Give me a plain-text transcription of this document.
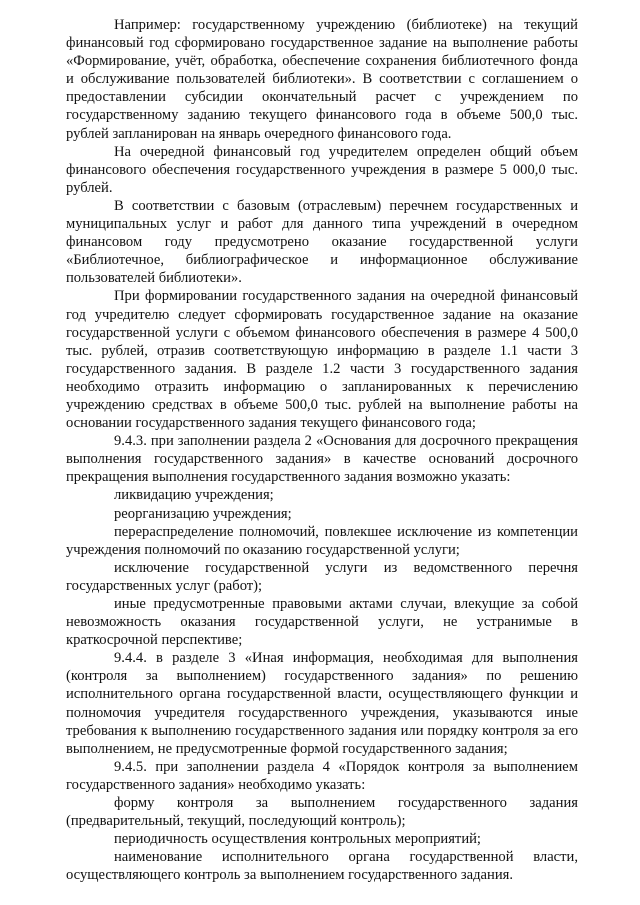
Например: государственному учреждению (библиотеке) на текущий финансовый год сформировано государственное задание на выполнение работы «Формирование, учёт, обработка, обеспечение сохранения библиотечного фонда и обслуживание пользователей библиотеки». В соответствии с соглашением о предоставлении субсидии окончательный расчет с учреждением по государственному заданию текущего финансового года в объеме 500,0 тыс. рублей запланирован на январь очередного финансового года.

На очередной финансовый год учредителем определен общий объем финансового обеспечения государственного учреждения в размере 5 000,0 тыс. рублей.

В соответствии с базовым (отраслевым) перечнем государственных и муниципальных услуг и работ для данного типа учреждений в очередном финансовом году предусмотрено оказание государственной услуги «Библиотечное, библиографическое и информационное обслуживание пользователей библиотеки».

При формировании государственного задания на очередной финансовый год учредителю следует сформировать государственное задание на оказание государственной услуги с объемом финансового обеспечения в размере 4 500,0 тыс. рублей, отразив соответствующую информацию в разделе 1.1 части 3 государственного задания. В разделе 1.2 части 3 государственного задания необходимо отразить информацию о запланированных к перечислению учреждению средствах в объеме 500,0 тыс. рублей на выполнение работы на основании государственного задания текущего финансового года;

9.4.3. при заполнении раздела 2 «Основания для досрочного прекращения выполнения государственного задания» в качестве оснований досрочного прекращения выполнения государственного задания возможно указать:

ликвидацию учреждения;

реорганизацию учреждения;

перераспределение полномочий, повлекшее исключение из компетенции учреждения полномочий по оказанию государственной услуги;

исключение государственной услуги из ведомственного перечня государственных услуг (работ);

иные предусмотренные правовыми актами случаи, влекущие за собой невозможность оказания государственной услуги, не устранимые в краткосрочной перспективе;

9.4.4. в разделе 3 «Иная информация, необходимая для выполнения (контроля за выполнением) государственного задания» по решению исполнительного органа государственной власти, осуществляющего функции и полномочия учредителя государственного учреждения, указываются иные требования к выполнению государственного задания или порядку контроля за его выполнением, не предусмотренные формой государственного задания;

9.4.5. при заполнении раздела 4 «Порядок контроля за выполнением государственного задания» необходимо указать:

форму контроля за выполнением государственного задания (предварительный, текущий, последующий контроль);

периодичность осуществления контрольных мероприятий;

наименование исполнительного органа государственной власти, осуществляющего контроль за выполнением государственного задания.
